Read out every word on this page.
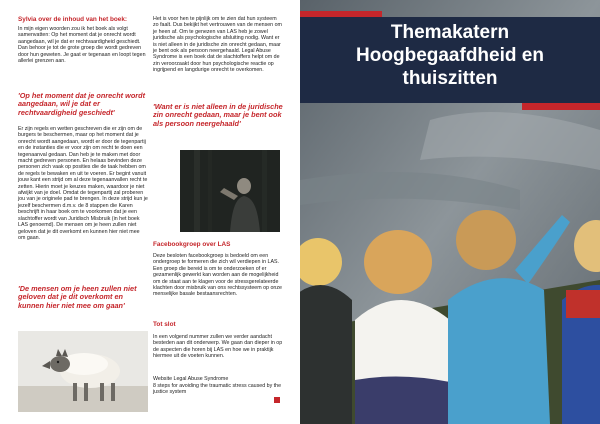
Sylvia over de inhoud van het boek:

In mijn eigen woorden zou ik het boek als volgt samenvatten: Op het moment dat je onrecht wordt aangedaan, wil je dat er rechtvaardigheid geschiedt. Dan behoor je tot de grote groep die wordt gedreven door hun geweten. Je gaat er tegenaan en loopt tegen allerlei grenzen aan.

'Op het moment dat je onrecht wordt aangedaan, wil je dat er rechtvaardigheid geschiedt'

Er zijn regels en wetten geschreven die er zijn om de burgers te beschermen, maar op het moment dat je onrecht wordt aangedaan, wordt er door de tegenpartij en de instanties die er voor zijn om recht te doen een tegenaanval gedaan. Dan heb je te maken met door macht gedreven personen. En helaas bevinden deze personen zich vaak op posities die de taak hebben om de regels te bewaken en uit te voeren. Er begint vanuit jouw kant een strijd om al deze tegenaanvallen recht te zetten. Hierin moet je keuzes maken, waardoor je niet afwijkt van je doel. Omdat de tegenpartij zal proberen jou van je originele pad te brengen. In deze strijd kun je jezelf beschermen d.m.v. de 8 stappen die Karen beschrijft in haar boek om te voorkomen dat je een slachtoffer wordt van Juridisch Misbruik (in het boek LAS genoemd). De mensen om je heen zullen niet geloven dat je dit overkomt en kunnen hier niet mee om gaan.

'De mensen om je heen zullen niet geloven dat je dit overkomt en kunnen hier niet mee om gaan'

Het is voor hen te pijnlijk om te zien dat hun systeem zo faalt. Dus bekijkt het vertrouwen van de mensen om je heen af. Om te genezen van LAS heb je zowel juridische als psychologische afsluiting nodig. Want er is niet alleen in de juridische zin onrecht gedaan, maar je bent ook als persoon neergehaald. Legal Abuse Syndrome is een boek dat de slachtoffers helpt om de zin veroorzaakt door hun psychologische reactie op ingrijpend en langdurige onrecht te overkomen.

'Want er is niet alleen in de juridische zin onrecht gedaan, maar je bent ook als persoon neergehaald'

Facebookgroep over LAS

Deze besloten facebookgroep is bedoeld om een ondergroep te formeren die zich wil verdiepen in LAS. Een groep die bereid is om te onderzoeken of er gezamenlijk gewerkt kan worden aan de mogelijkheid om de staat aan te klagen voor de stressgerelateerde klachten door misbruik van ons rechtssysteem op onze menselijke basale bestaansrechten.

Tot slot

In een volgend nummer zullen we verder aandacht besteden aan dit onderwerp. We gaan dan dieper in op de aspecten die horen bij LAS en hoe we in praktijk hiermee uit de voeten kunnen.

Website Legal Abuse Syndrome

8 steps for avoiding the traumatic stress caused by the justice system

Themakatern
Hoogbegaafdheid en
thuiszitten
